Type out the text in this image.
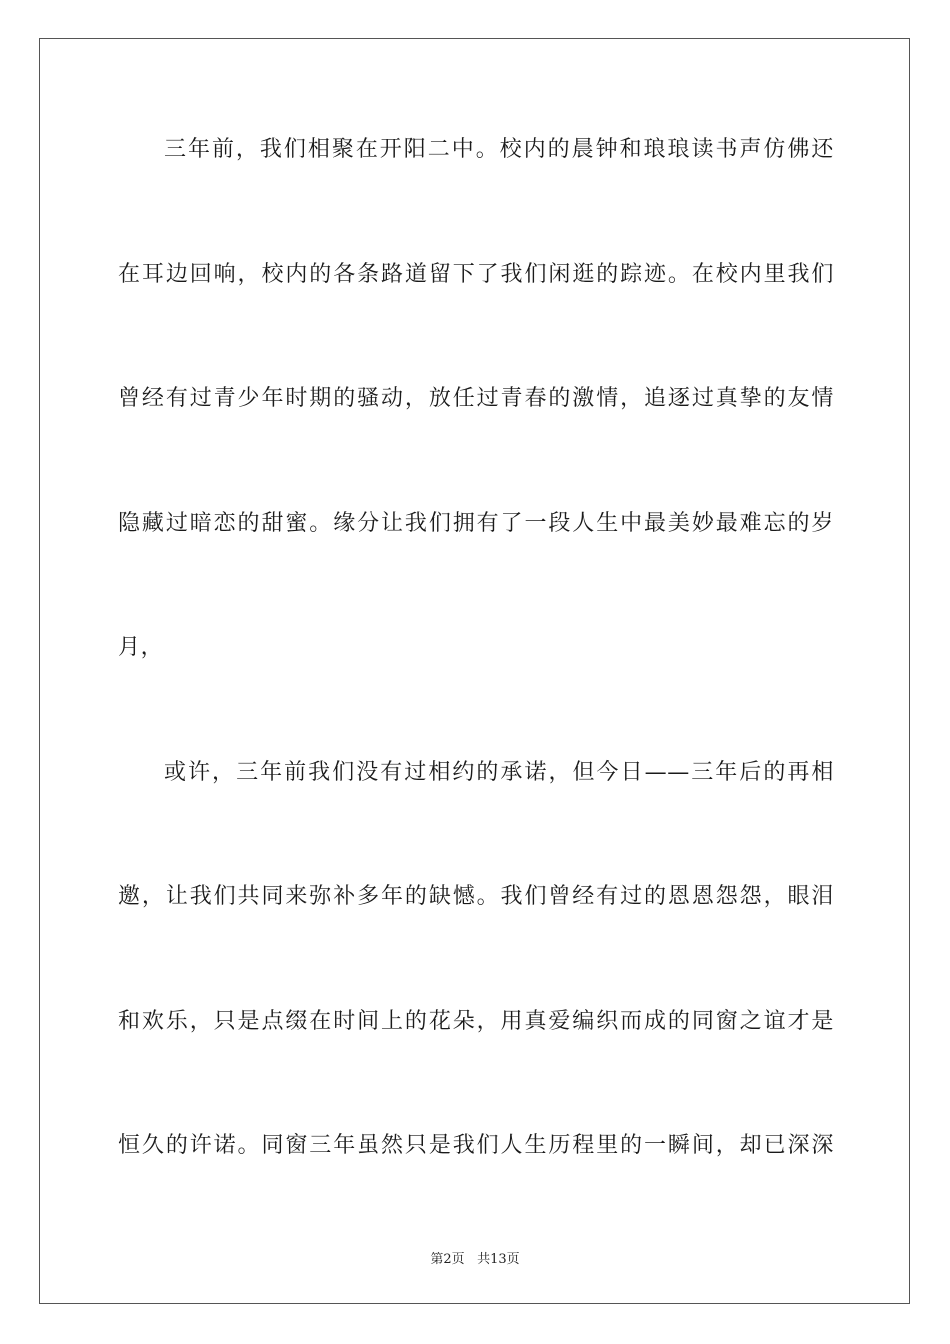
三年前，我们相聚在开阳二中。校内的晨钟和琅琅读书声仿佛还
在耳边回响，校内的各条路道留下了我们闲逛的踪迹。在校内里我们
曾经有过青少年时期的骚动，放任过青春的激情，追逐过真挚的友情
隐藏过暗恋的甜蜜。缘分让我们拥有了一段人生中最美妙最难忘的岁
月，
或许，三年前我们没有过相约的承诺，但今日——三年后的再相
邀，让我们共同来弥补多年的缺憾。我们曾经有过的恩恩怨怨，眼泪
和欢乐，只是点缀在时间上的花朵，用真爱编织而成的同窗之谊才是
恒久的许诺。同窗三年虽然只是我们人生历程里的一瞬间，却已深深
第2页 共13页
